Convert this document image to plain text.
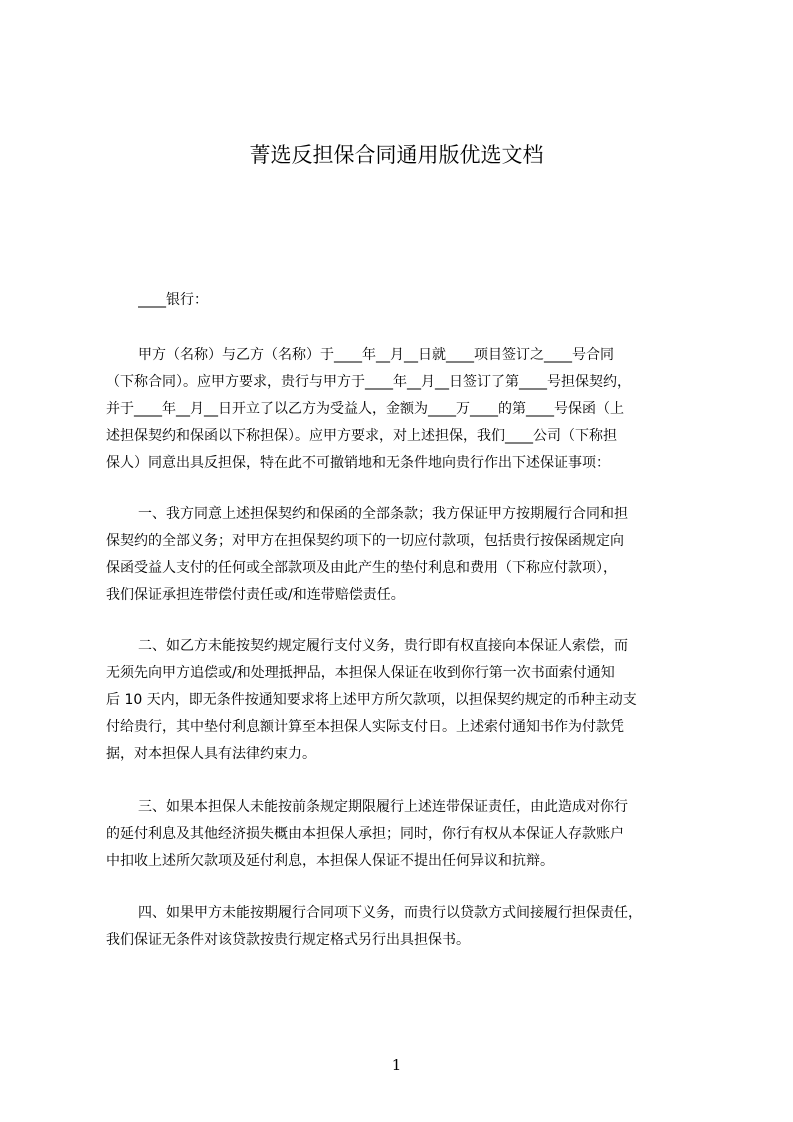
菁选反担保合同通用版优选文档
____银行：
甲方（名称）与乙方（名称）于____年__月__日就____项目签订之____号合同
（下称合同）。应甲方要求，贵行与甲方于____年__月__日签订了第____号担保契约，
并于____年__月__日开立了以乙方为受益人，金额为____万____的第____号保函（上
述担保契约和保函以下称担保）。应甲方要求，对上述担保，我们____公司（下称担
保人）同意出具反担保，特在此不可撤销地和无条件地向贵行作出下述保证事项：
一、我方同意上述担保契约和保函的全部条款；我方保证甲方按期履行合同和担
保契约的全部义务；对甲方在担保契约项下的一切应付款项，包括贵行按保函规定向
保函受益人支付的任何或全部款项及由此产生的垫付利息和费用（下称应付款项），
我们保证承担连带偿付责任或/和连带赔偿责任。
二、如乙方未能按契约规定履行支付义务，贵行即有权直接向本保证人索偿，而
无须先向甲方追偿或/和处理抵押品，本担保人保证在收到你行第一次书面索付通知
后 10 天内，即无条件按通知要求将上述甲方所欠款项，以担保契约规定的币种主动支
付给贵行，其中垫付利息额计算至本担保人实际支付日。上述索付通知书作为付款凭
据，对本担保人具有法律约束力。
三、如果本担保人未能按前条规定期限履行上述连带保证责任，由此造成对你行
的延付利息及其他经济损失概由本担保人承担；同时，你行有权从本保证人存款账户
中扣收上述所欠款项及延付利息，本担保人保证不提出任何异议和抗辩。
四、如果甲方未能按期履行合同项下义务，而贵行以贷款方式间接履行担保责任，
我们保证无条件对该贷款按贵行规定格式另行出具担保书。
1
